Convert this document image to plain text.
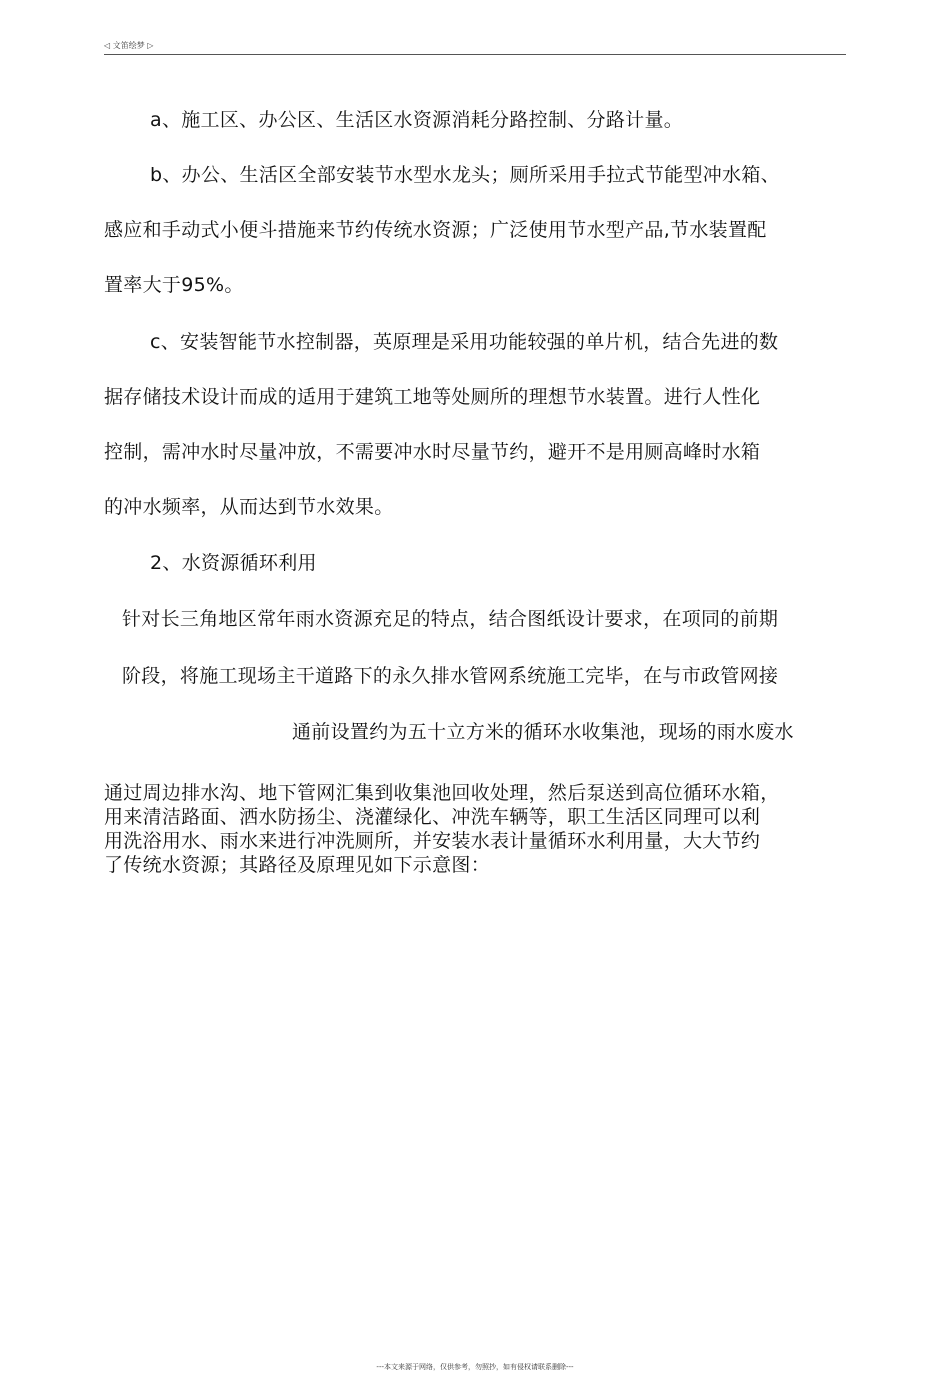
◁ 文笛绘梦 ▷
a、施工区、办公区、生活区水资源消耗分路控制、分路计量。
b、办公、生活区全部安装节水型水龙头；厕所采用手拉式节能型冲水箱、
感应和手动式小便斗措施来节约传统水资源；广泛使用节水型产品,节水装置配
置率大于95%。
c、安装智能节水控制器，英原理是采用功能较强的单片机，结合先进的数
据存储技术设计而成的适用于建筑工地等处厕所的理想节水装置。进行人性化
控制，需冲水时尽量冲放，不需要冲水时尽量节约，避开不是用厕高峰时水箱
的冲水频率，从而达到节水效果。
2、水资源循环利用
针对长三角地区常年雨水资源充足的特点，结合图纸设计要求，在项同的前期
阶段，将施工现场主干道路下的永久排水管网系统施工完毕，在与市政管网接
通前设置约为五十立方米的循环水收集池，现场的雨水废水
通过周边排水沟、地下管网汇集到收集池回收处理，然后泵送到高位循环水箱，
用来清洁路面、洒水防扬尘、浇灌绿化、冲洗车辆等，职工生活区同理可以利
用洗浴用水、雨水来进行冲洗厕所，并安装水表计量循环水利用量，大大节约
了传统水资源；其路径及原理见如下示意图：
---本文来源于网络，仅供参考，勿照抄，如有侵权请联系删除---
